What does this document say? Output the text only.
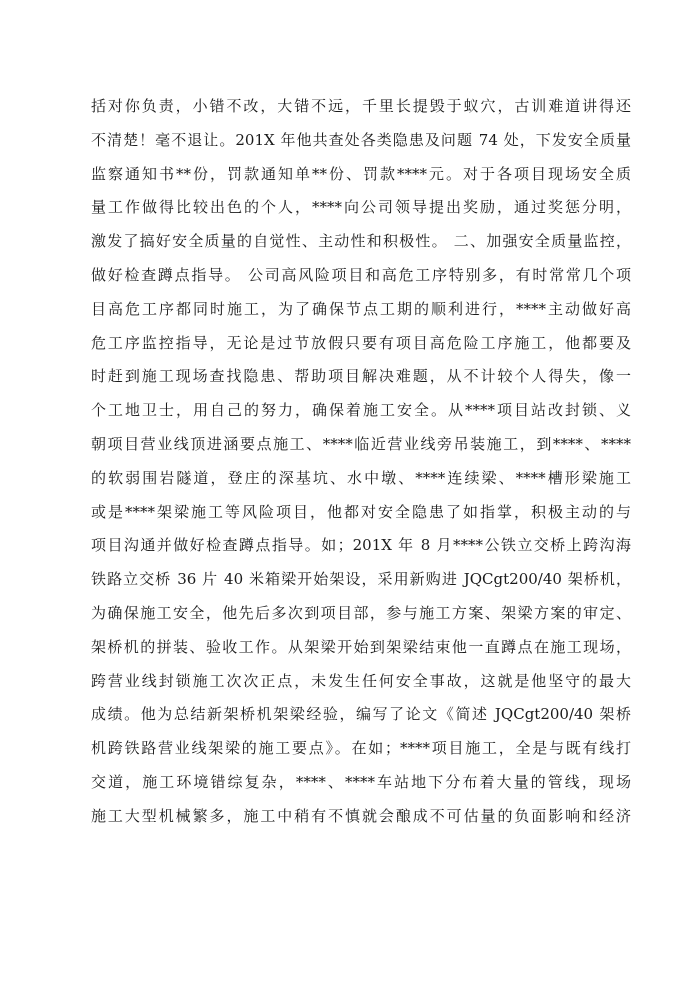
括对你负责，小错不改，大错不远，千里长提毁于蚁穴，古训难道讲得还
不清楚！毫不退让。201X 年他共查处各类隐患及问题 74 处，下发安全质量
监察通知书**份，罚款通知单**份、罚款****元。对于各项目现场安全质
量工作做得比较出色的个人，****向公司领导提出奖励，通过奖惩分明，
激发了搞好安全质量的自觉性、主动性和积极性。 二、加强安全质量监控，
做好检查蹲点指导。 公司高风险项目和高危工序特别多，有时常常几个项
目高危工序都同时施工，为了确保节点工期的顺利进行，****主动做好高
危工序监控指导，无论是过节放假只要有项目高危险工序施工，他都要及
时赶到施工现场查找隐患、帮助项目解决难题，从不计较个人得失，像一
个工地卫士，用自己的努力，确保着施工安全。从****项目站改封锁、义
朝项目营业线顶进涵要点施工、****临近营业线旁吊装施工，到****、****
的软弱围岩隧道，登庄的深基坑、水中墩、****连续梁、****槽形梁施工
或是****架梁施工等风险项目，他都对安全隐患了如指掌，积极主动的与
项目沟通并做好检查蹲点指导。如；201X 年 8 月****公铁立交桥上跨沟海
铁路立交桥 36 片 40 米箱梁开始架设，采用新购进 JQCgt200/40 架桥机，
为确保施工安全，他先后多次到项目部，参与施工方案、架梁方案的审定、
架桥机的拼装、验收工作。从架梁开始到架梁结束他一直蹲点在施工现场，
跨营业线封锁施工次次正点，未发生任何安全事故，这就是他坚守的最大
成绩。他为总结新架桥机架梁经验，编写了论文《简述 JQCgt200/40 架桥
机跨铁路营业线架梁的施工要点》。在如；****项目施工，全是与既有线打
交道，施工环境错综复杂，****、****车站地下分布着大量的管线，现场
施工大型机械繁多，施工中稍有不慎就会酿成不可估量的负面影响和经济
